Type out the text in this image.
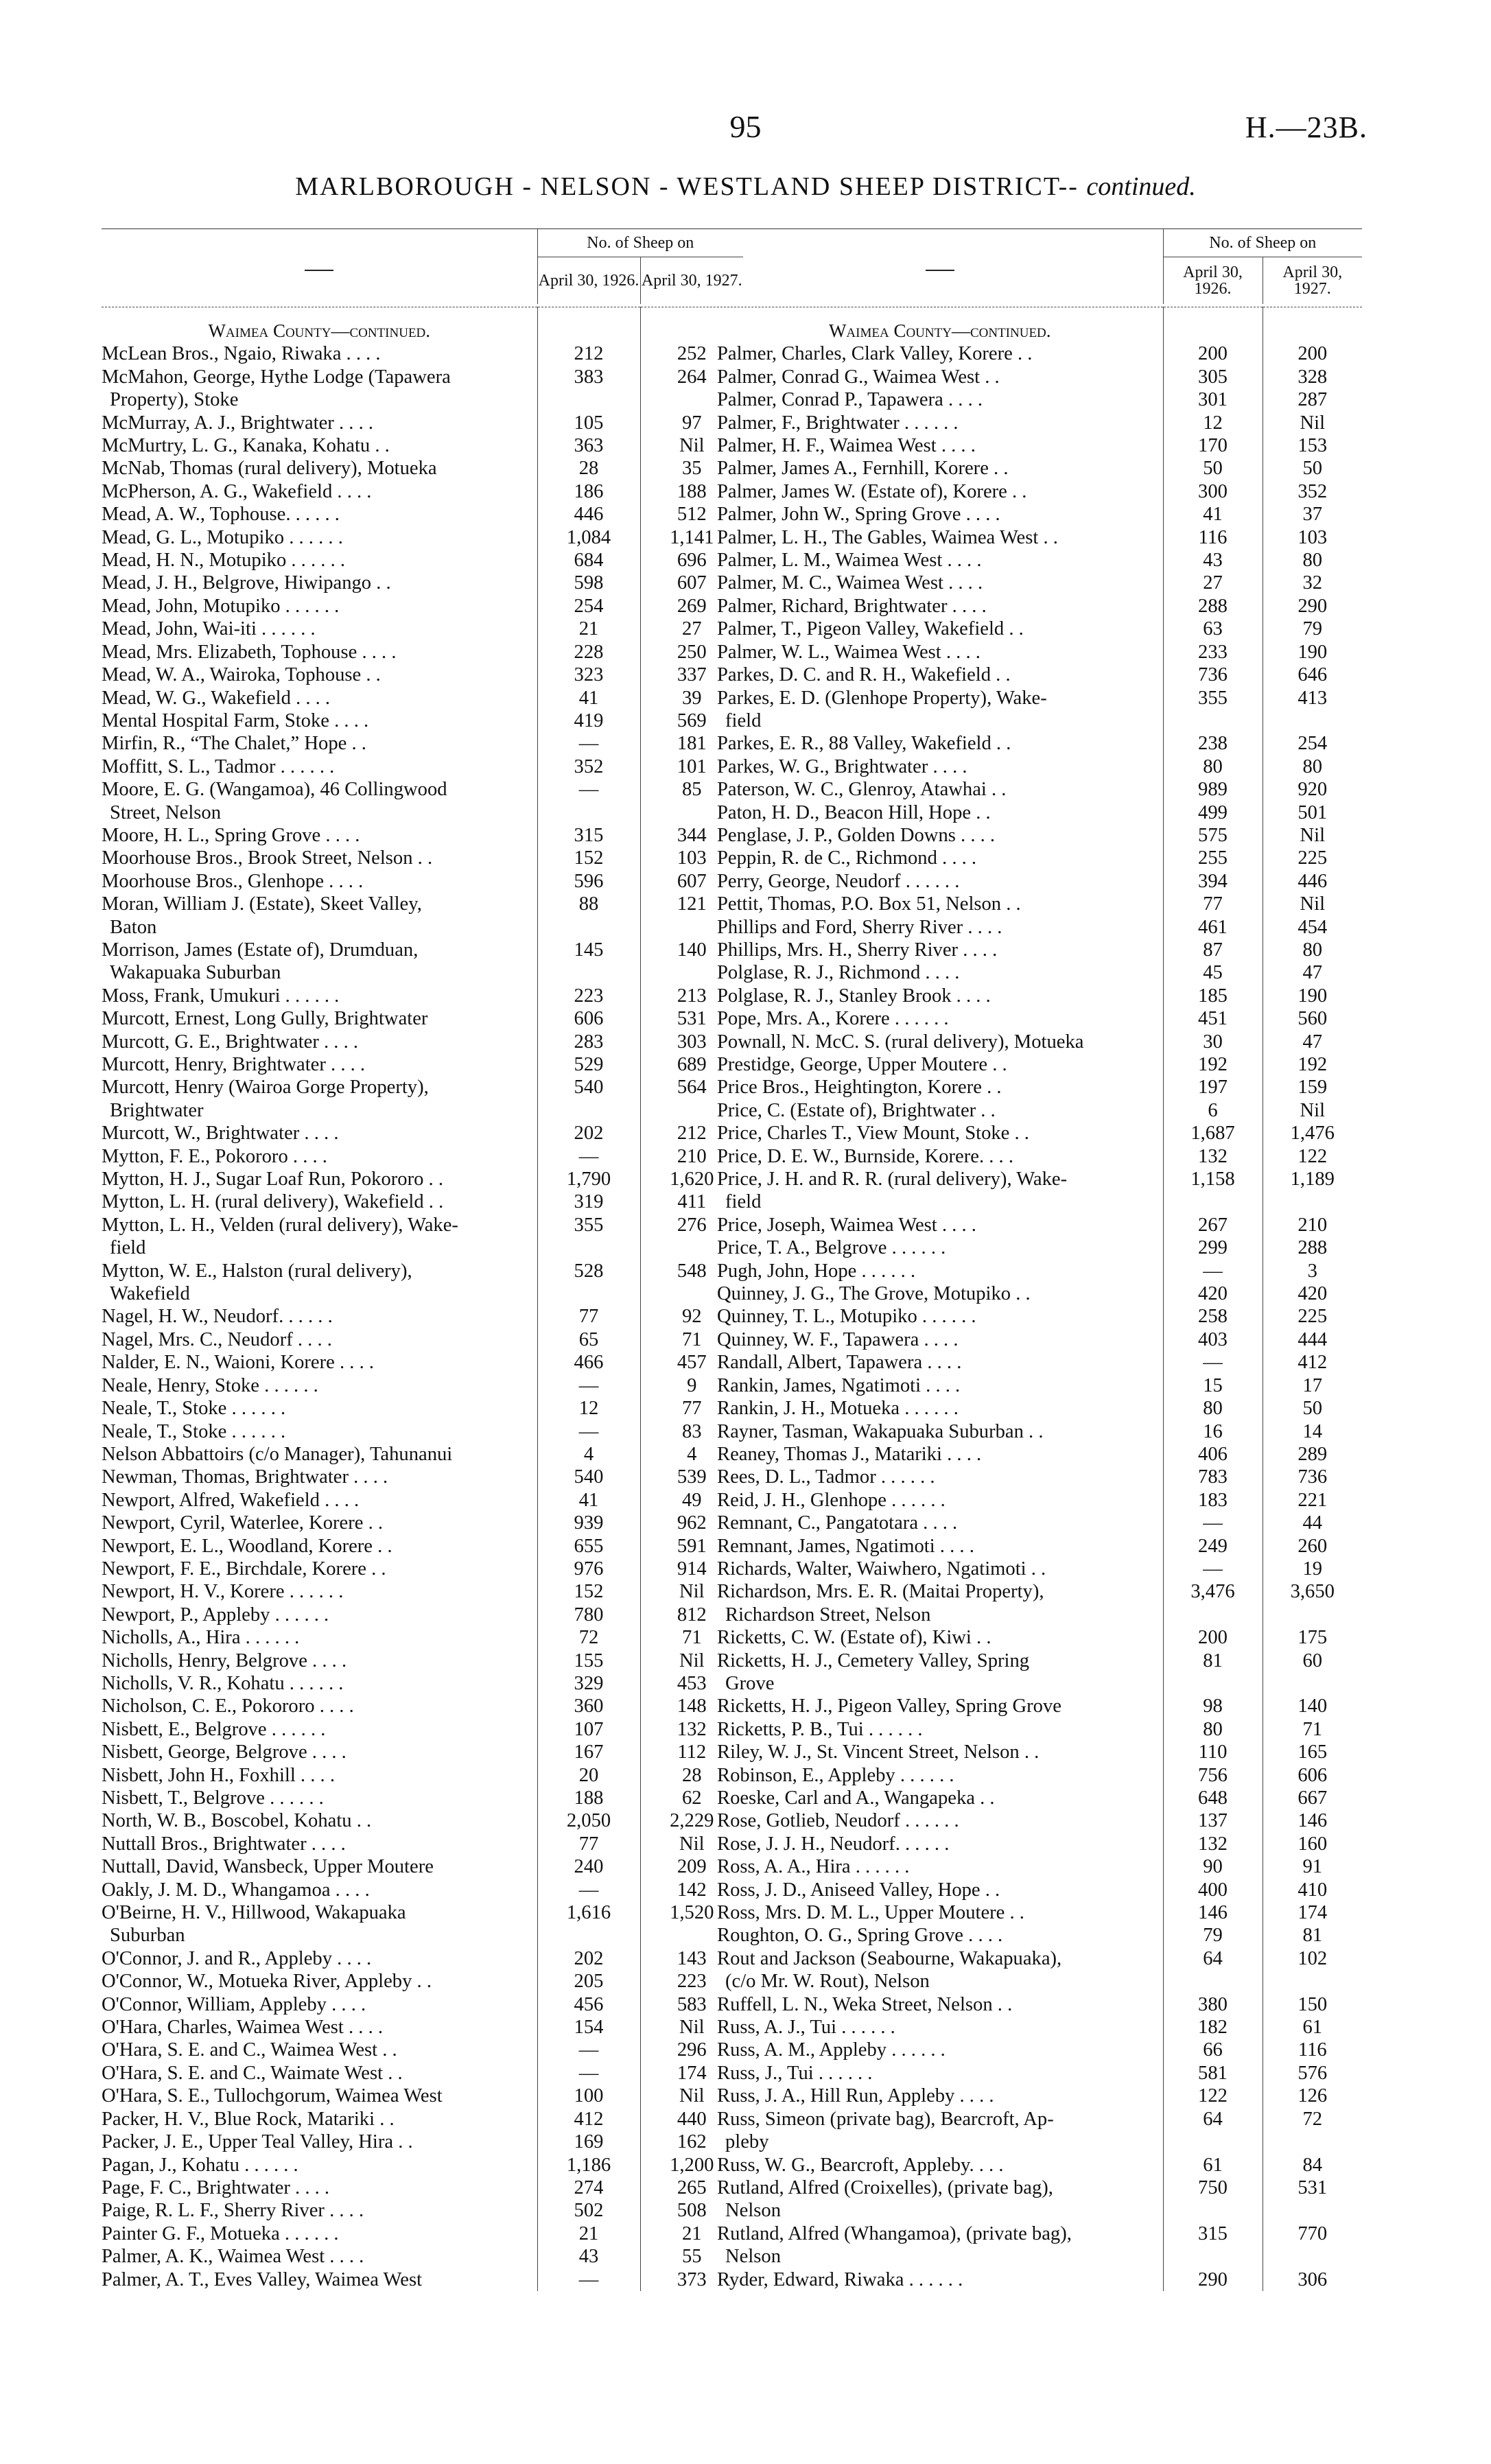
95	H.—23B.
MARLBOROUGH - NELSON - WESTLAND SHEEP DISTRICT-- continued.
	No. of Sheep on	
	April 30, 1926.	April 30, 1927.

Waimea County—continued.		
McLean Bros., Ngaio, Riwaka . . . .	212	252
McMahon, George, Hythe Lodge (Tapawera	383	264
Property), Stoke		
McMurray, A. J., Brightwater . . . .	105	97
McMurtry, L. G., Kanaka, Kohatu . .	363	Nil
McNab, Thomas (rural delivery), Motueka	28	35
McPherson, A. G., Wakefield . . . .	186	188
Mead, A. W., Tophouse. . . . . .	446	512
Mead, G. L., Motupiko . . . . . .	1,084	1,141
Mead, H. N., Motupiko . . . . . .	684	696
Mead, J. H., Belgrove, Hiwipango . .	598	607
Mead, John, Motupiko . . . . . .	254	269
Mead, John, Wai-iti . . . . . .	21	27
Mead, Mrs. Elizabeth, Tophouse . . . .	228	250
Mead, W. A., Wairoka, Tophouse . .	323	337
Mead, W. G., Wakefield . . . .	41	39
Mental Hospital Farm, Stoke . . . .	419	569
Mirfin, R., “The Chalet,” Hope . .	—	181
Moffitt, S. L., Tadmor . . . . . .	352	101
Moore, E. G. (Wangamoa), 46 Collingwood	—	85
Street, Nelson		
Moore, H. L., Spring Grove . . . .	315	344
Moorhouse Bros., Brook Street, Nelson . .	152	103
Moorhouse Bros., Glenhope . . . .	596	607
Moran, William J. (Estate), Skeet Valley,	88	121
Baton		
Morrison, James (Estate of), Drumduan,	145	140
Wakapuaka Suburban		
Moss, Frank, Umukuri . . . . . .	223	213
Murcott, Ernest, Long Gully, Brightwater	606	531
Murcott, G. E., Brightwater . . . .	283	303
Murcott, Henry, Brightwater . . . .	529	689
Murcott, Henry (Wairoa Gorge Property),	540	564
Brightwater		
Murcott, W., Brightwater . . . .	202	212
Mytton, F. E., Pokororo . . . .	—	210
Mytton, H. J., Sugar Loaf Run, Pokororo . .	1,790	1,620
Mytton, L. H. (rural delivery), Wakefield . .	319	411
Mytton, L. H., Velden (rural delivery), Wake-	355	276
field		
Mytton, W. E., Halston (rural delivery),	528	548
Wakefield		
Nagel, H. W., Neudorf. . . . . .	77	92
Nagel, Mrs. C., Neudorf . . . .	65	71
Nalder, E. N., Waioni, Korere . . . .	466	457
Neale, Henry, Stoke . . . . . .	—	9
Neale, T., Stoke . . . . . .	12	77
Neale, T., Stoke . . . . . .	—	83
Nelson Abbattoirs (c/o Manager), Tahunanui	4	4
Newman, Thomas, Brightwater . . . .	540	539
Newport, Alfred, Wakefield . . . .	41	49
Newport, Cyril, Waterlee, Korere . .	939	962
Newport, E. L., Woodland, Korere . .	655	591
Newport, F. E., Birchdale, Korere . .	976	914
Newport, H. V., Korere . . . . . .	152	Nil
Newport, P., Appleby . . . . . .	780	812
Nicholls, A., Hira . . . . . .	72	71
Nicholls, Henry, Belgrove . . . .	155	Nil
Nicholls, V. R., Kohatu . . . . . .	329	453
Nicholson, C. E., Pokororo . . . .	360	148
Nisbett, E., Belgrove . . . . . .	107	132
Nisbett, George, Belgrove . . . .	167	112
Nisbett, John H., Foxhill . . . .	20	28
Nisbett, T., Belgrove . . . . . .	188	62
North, W. B., Boscobel, Kohatu . .	2,050	2,229
Nuttall Bros., Brightwater . . . .	77	Nil
Nuttall, David, Wansbeck, Upper Moutere	240	209
Oakly, J. M. D., Whangamoa . . . .	—	142
O'Beirne, H. V., Hillwood, Wakapuaka	1,616	1,520
Suburban		
O'Connor, J. and R., Appleby . . . .	202	143
O'Connor, W., Motueka River, Appleby . .	205	223
O'Connor, William, Appleby . . . .	456	583
O'Hara, Charles, Waimea West . . . .	154	Nil
O'Hara, S. E. and C., Waimea West . .	—	296
O'Hara, S. E. and C., Waimate West . .	—	174
O'Hara, S. E., Tullochgorum, Waimea West	100	Nil
Packer, H. V., Blue Rock, Matariki . .	412	440
Packer, J. E., Upper Teal Valley, Hira . .	169	162
Pagan, J., Kohatu . . . . . .	1,186	1,200
Page, F. C., Brightwater . . . .	274	265
Paige, R. L. F., Sherry River . . . .	502	508
Painter G. F., Motueka . . . . . .	21	21
Palmer, A. K., Waimea West . . . .	43	55
Palmer, A. T., Eves Valley, Waimea West	—	373
	No. of Sheep on	
	April 30, 1926.	April 30, 1927.

Waimea County—continued.		
Palmer, Charles, Clark Valley, Korere . .	200	200
Palmer, Conrad G., Waimea West . .	305	328
Palmer, Conrad P., Tapawera . . . .	301	287
Palmer, F., Brightwater . . . . . .	12	Nil
Palmer, H. F., Waimea West . . . .	170	153
Palmer, James A., Fernhill, Korere . .	50	50
Palmer, James W. (Estate of), Korere . .	300	352
Palmer, John W., Spring Grove . . . .	41	37
Palmer, L. H., The Gables, Waimea West . .	116	103
Palmer, L. M., Waimea West . . . .	43	80
Palmer, M. C., Waimea West . . . .	27	32
Palmer, Richard, Brightwater . . . .	288	290
Palmer, T., Pigeon Valley, Wakefield . .	63	79
Palmer, W. L., Waimea West . . . .	233	190
Parkes, D. C. and R. H., Wakefield . .	736	646
Parkes, E. D. (Glenhope Property), Wake-	355	413
field		
Parkes, E. R., 88 Valley, Wakefield . .	238	254
Parkes, W. G., Brightwater . . . .	80	80
Paterson, W. C., Glenroy, Atawhai . .	989	920
Paton, H. D., Beacon Hill, Hope . .	499	501
Penglase, J. P., Golden Downs . . . .	575	Nil
Peppin, R. de C., Richmond . . . .	255	225
Perry, George, Neudorf . . . . . .	394	446
Pettit, Thomas, P.O. Box 51, Nelson . .	77	Nil
Phillips and Ford, Sherry River . . . .	461	454
Phillips, Mrs. H., Sherry River . . . .	87	80
Polglase, R. J., Richmond . . . .	45	47
Polglase, R. J., Stanley Brook . . . .	185	190
Pope, Mrs. A., Korere . . . . . .	451	560
Pownall, N. McC. S. (rural delivery), Motueka	30	47
Prestidge, George, Upper Moutere . .	192	192
Price Bros., Heightington, Korere . .	197	159
Price, C. (Estate of), Brightwater . .	6	Nil
Price, Charles T., View Mount, Stoke . .	1,687	1,476
Price, D. E. W., Burnside, Korere. . . .	132	122
Price, J. H. and R. R. (rural delivery), Wake-	1,158	1,189
field		
Price, Joseph, Waimea West . . . .	267	210
Price, T. A., Belgrove . . . . . .	299	288
Pugh, John, Hope . . . . . .	—	3
Quinney, J. G., The Grove, Motupiko . .	420	420
Quinney, T. L., Motupiko . . . . . .	258	225
Quinney, W. F., Tapawera . . . .	403	444
Randall, Albert, Tapawera . . . .	—	412
Rankin, James, Ngatimoti . . . .	15	17
Rankin, J. H., Motueka . . . . . .	80	50
Rayner, Tasman, Wakapuaka Suburban . .	16	14
Reaney, Thomas J., Matariki . . . .	406	289
Rees, D. L., Tadmor . . . . . .	783	736
Reid, J. H., Glenhope . . . . . .	183	221
Remnant, C., Pangatotara . . . .	—	44
Remnant, James, Ngatimoti . . . .	249	260
Richards, Walter, Waiwhero, Ngatimoti . .	—	19
Richardson, Mrs. E. R. (Maitai Property),	3,476	3,650
Richardson Street, Nelson		
Ricketts, C. W. (Estate of), Kiwi . .	200	175
Ricketts, H. J., Cemetery Valley, Spring	81	60
Grove		
Ricketts, H. J., Pigeon Valley, Spring Grove	98	140
Ricketts, P. B., Tui . . . . . .	80	71
Riley, W. J., St. Vincent Street, Nelson . .	110	165
Robinson, E., Appleby . . . . . .	756	606
Roeske, Carl and A., Wangapeka . .	648	667
Rose, Gotlieb, Neudorf . . . . . .	137	146
Rose, J. J. H., Neudorf. . . . . .	132	160
Ross, A. A., Hira . . . . . .	90	91
Ross, J. D., Aniseed Valley, Hope . .	400	410
Ross, Mrs. D. M. L., Upper Moutere . .	146	174
Roughton, O. G., Spring Grove . . . .	79	81
Rout and Jackson (Seabourne, Wakapuaka),	64	102
(c/o Mr. W. Rout), Nelson		
Ruffell, L. N., Weka Street, Nelson . .	380	150
Russ, A. J., Tui . . . . . .	182	61
Russ, A. M., Appleby . . . . . .	66	116
Russ, J., Tui . . . . . .	581	576
Russ, J. A., Hill Run, Appleby . . . .	122	126
Russ, Simeon (private bag), Bearcroft, Ap-	64	72
pleby		
Russ, W. G., Bearcroft, Appleby. . . .	61	84
Rutland, Alfred (Croixelles), (private bag),	750	531
Nelson		
Rutland, Alfred (Whangamoa), (private bag),	315	770
Nelson		
Ryder, Edward, Riwaka . . . . . .	290	306
